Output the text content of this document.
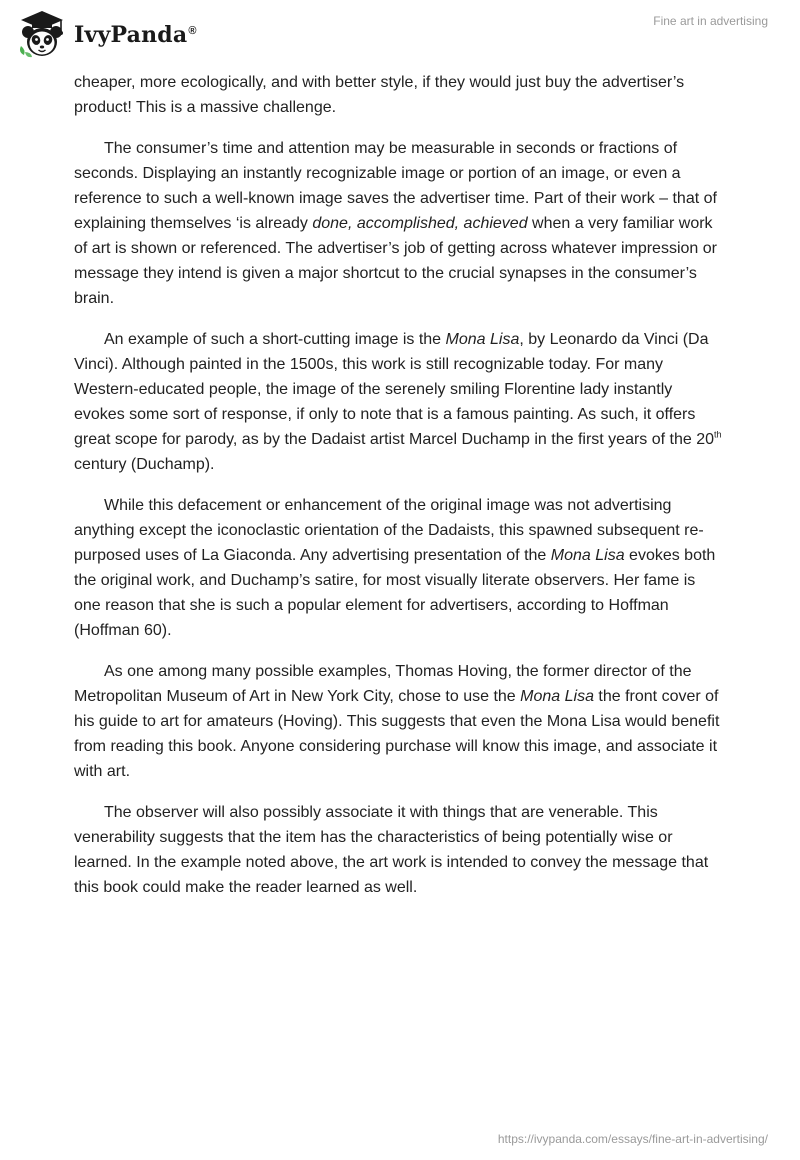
IvyPanda®
Fine art in advertising

cheaper, more ecologically, and with better style, if they would just buy the advertiser’s product! This is a massive challenge.

The consumer’s time and attention may be measurable in seconds or fractions of seconds. Displaying an instantly recognizable image or portion of an image, or even a reference to such a well-known image saves the advertiser time. Part of their work – that of explaining themselves ‘is already done, accomplished, achieved when a very familiar work of art is shown or referenced. The advertiser’s job of getting across whatever impression or message they intend is given a major shortcut to the crucial synapses in the consumer’s brain.

An example of such a short-cutting image is the Mona Lisa, by Leonardo da Vinci (Da Vinci). Although painted in the 1500s, this work is still recognizable today. For many Western-educated people, the image of the serenely smiling Florentine lady instantly evokes some sort of response, if only to note that is a famous painting. As such, it offers great scope for parody, as by the Dadaist artist Marcel Duchamp in the first years of the 20th century (Duchamp).

While this defacement or enhancement of the original image was not advertising anything except the iconoclastic orientation of the Dadaists, this spawned subsequent re-purposed uses of La Giaconda. Any advertising presentation of the Mona Lisa evokes both the original work, and Duchamp’s satire, for most visually literate observers. Her fame is one reason that she is such a popular element for advertisers, according to Hoffman (Hoffman 60).

As one among many possible examples, Thomas Hoving, the former director of the Metropolitan Museum of Art in New York City, chose to use the Mona Lisa the front cover of his guide to art for amateurs (Hoving). This suggests that even the Mona Lisa would benefit from reading this book. Anyone considering purchase will know this image, and associate it with art.

The observer will also possibly associate it with things that are venerable. This venerability suggests that the item has the characteristics of being potentially wise or learned. In the example noted above, the art work is intended to convey the message that this book could make the reader learned as well.

https://ivypanda.com/essays/fine-art-in-advertising/
